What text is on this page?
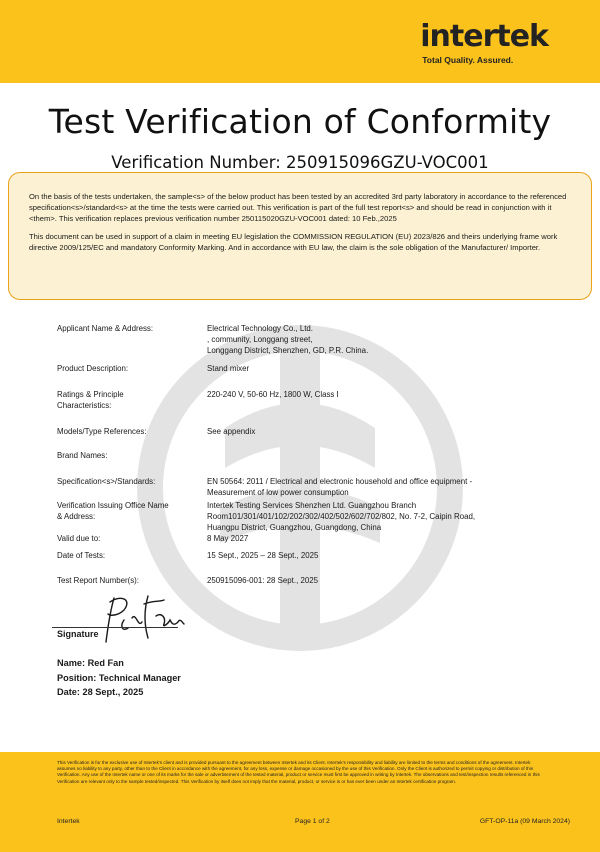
intertek
Total Quality. Assured.
Test Verification of Conformity
Verification Number: 250915096GZU-VOC001

On the basis of the tests undertaken, the sample<s> of the below product has been tested by an accredited 3rd party laboratory in accordance to the referenced specification<s>/standard<s> at the time the tests were carried out. This verification is part of the full test report<s> and should be read in conjunction with it <them>. This verification replaces previous verification number 250115020GZU-VOC001 dated: 10 Feb.,2025

This document can be used in support of a claim in meeting EU legislation the COMMISSION REGULATION (EU) 2023/826 and theirs underlying frame work directive 2009/125/EC and mandatory Conformity Marking. And in accordance with EU law, the claim is the sole obligation of the Manufacturer/ Importer.

Applicant Name & Address:	Electrical Technology Co., Ltd.
, community, Longgang street,
Longgang District, Shenzhen, GD, P.R. China.
Product Description:	Stand mixer
Ratings & Principle
Characteristics:
220-240 V, 50-60 Hz, 1800 W, Class I
Models/Type References:	See appendix
Brand Names:
Specification<s>/Standards:	EN 50564: 2011 / Electrical and electronic household and office equipment -
Measurement of low power consumption
Verification Issuing Office Name
& Address:
Intertek Testing Services Shenzhen Ltd. Guangzhou Branch
Room101/301/401/102/202/302/402/502/602/702/802, No. 7-2, Caipin Road,
Huangpu District, Guangzhou, Guangdong, China
Valid due to:	8 May 2027
Date of Tests:	15 Sept., 2025 – 28 Sept., 2025
Test Report Number(s):	250915096-001: 28 Sept., 2025
Signature
Name: Red Fan
Position: Technical Manager
Date: 28 Sept., 2025
This Verification is for the exclusive use of Intertek's client and is provided pursuant to the agreement between Intertek and its Client. Intertek's responsibility and liability are limited to the terms and conditions of the agreement. Intertek assumes no liability to any party, other than to the Client in accordance with the agreement, for any loss, expense or damage occasioned by the use of this Verification. Only the Client is authorized to permit copying or distribution of this Verification. Any use of the Intertek name or one of its marks for the sale or advertisement of the tested material, product or service must first be approved in writing by Intertek. The observations and test/inspection results referenced in this Verification are relevant only to the sample tested/inspected. This Verification by itself does not imply that the material, product, or service is or has ever been under an Intertek certification program.
Intertek	Page 1 of 2	GFT-OP-11a (09 March 2024)
